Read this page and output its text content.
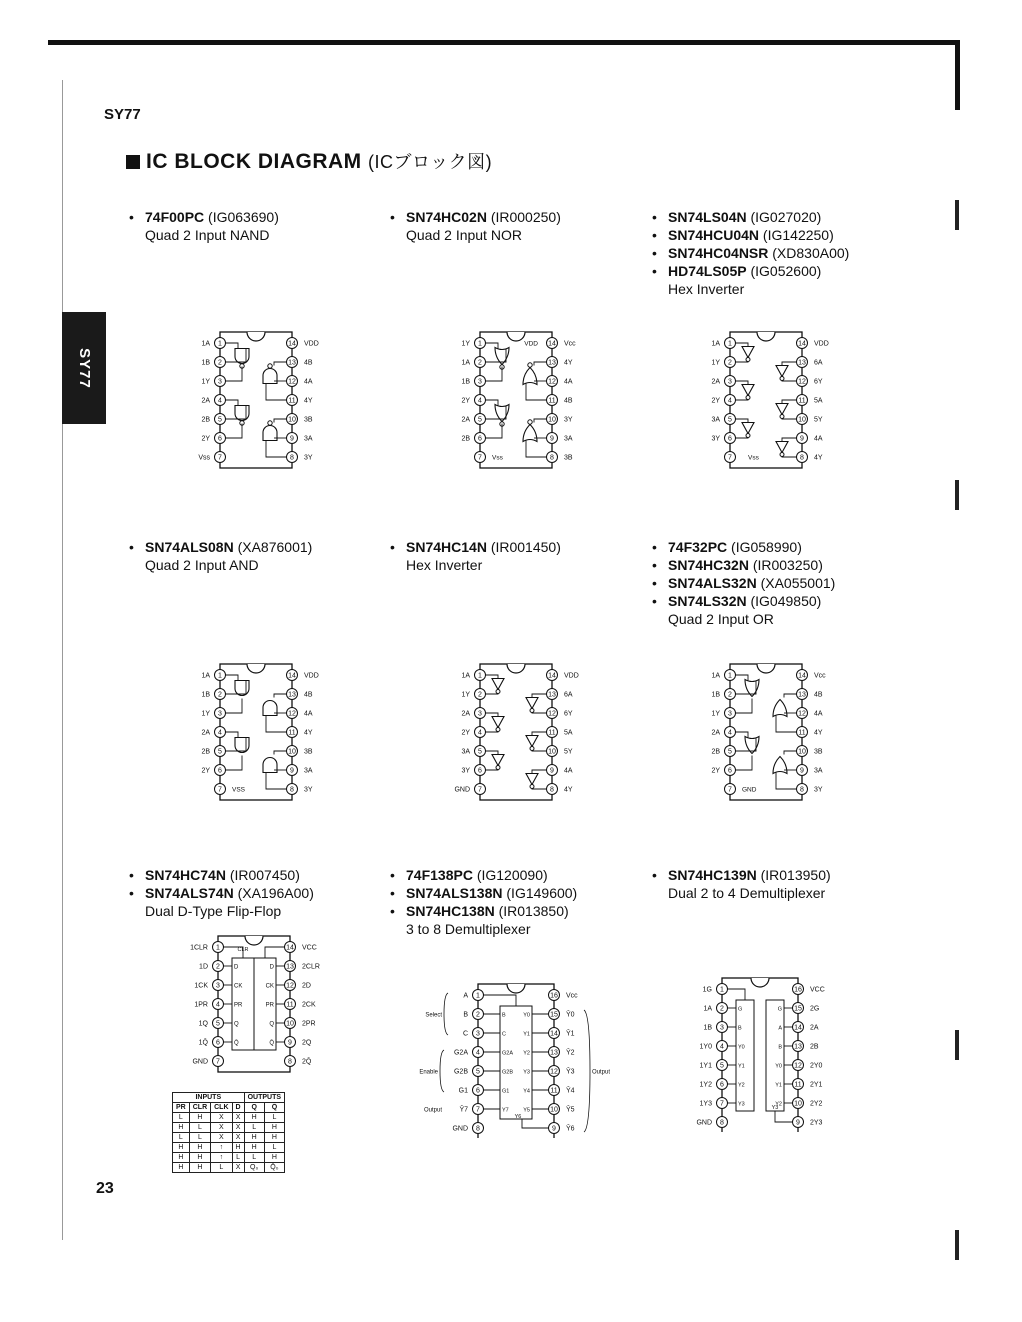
SY77
SY77
IC BLOCK DIAGRAM (ICブロック図)
23
• 74F00PC (IG063690)
Quad 2 Input NAND
• SN74HC02N (IR000250)
Quad 2 Input NOR
• SN74LS04N (IG027020)
• SN74HCU04N (IG142250)
• SN74HC04NSR (XD830A00)
• HD74LS05P (IG052600)
Hex Inverter
• SN74ALS08N (XA876001)
Quad 2 Input AND
• SN74HC14N (IR001450)
Hex Inverter
• 74F32PC (IG058990)
• SN74HC32N (IR003250)
• SN74ALS32N (XA055001)
• SN74LS32N (IG049850)
Quad 2 Input OR
• SN74HC74N (IR007450)
• SN74ALS74N (XA196A00)
Dual D-Type Flip-Flop
• 74F138PC (IG120090)
• SN74ALS138N (IG149600)
• SN74HC138N (IR013850)
3 to 8 Demultiplexer
• SN74HC139N (IR013950)
Dual 2 to 4 Demultiplexer
1	14
2	13
3	12
4	11
5	10
6	9
7	8
1A
1B
1Y
2A
2B
2Y
Vss
VDD
4B
4A
4Y
3B
3A
3Y
1	14
2	13
3	12
4	11
5	10
6	9
7	8
1Y
1A
1B
2Y
2A
2B
Vcc
4Y
4A
4B
3Y
3A
3B
VDD
Vss
1	14
2	13
3	12
4	11
5	10
6	9
7	8
1A
1Y
2A
2Y
3A
3Y
VDD
6A
6Y
5A
5Y
4A
4Y
Vss
1	14
2	13
3	12
4	11
5	10
6	9
7	8
1A
1B
1Y
2A
2B
2Y
VDD
4B
4A
4Y
3B
3A
3Y
VSS
1	14
2	13
3	12
4	11
5	10
6	9
7	8
1A
1Y
2A
2Y
3A
3Y
GND
VDD
6A
6Y
5A
5Y
4A
4Y
1	14
2	13
3	12
4	11
5	10
6	9
7	8
1A
1B
1Y
2A
2B
2Y
Vcc
4B
4A
4Y
3B
3A
3Y
GND
1	14
2	13
3	12
4	11
5	10
6	9
7	8
1CLR
1D
1CK
1PR
1Q
1Q̄
GND
VCC
2CLR
2D
2CK
2PR
2Q
2Q̄
D
CK
PR
Q
Q̄
D
CK
PR
Q
Q̄
CLR
1	16
2	15
3	14
4	13
5	12
6	11
7	10
8	9
A
B
C
G2A
G2B
G1
Ȳ7
GND
Vcc
Ȳ0
Ȳ1
Ȳ2
Ȳ3
Ȳ4
Ȳ5
Ȳ6
B
C
G2A
G2B
G1
Y7
Y0
Y1
Y2
Y3
Y4
Y5
Y6
Select
Enable
Output
Output
1	16
2	15
3	14
4	13
5	12
6	11
7	10
8	9
1G
1A
1B
1Y0
1Y1
1Y2
1Y3
GND
VCC
2G
2A
2B
2Y0
2Y1
2Y2
2Y3
G
B
Y0
Y1
Y2
Y3
G
A
B
Y0
Y1
Y2
Y3
INPUTS				OUTPUTS	
PR	CLR	CLK	D	Q	Q̄
L	H	X	X	H	L
H	L	X	X	L	H
L	L	X	X	H	H
H	H	↑	H	H	L
H	H	↑	L	L	H
H	H	L	X	Q₀	Q̄₀
